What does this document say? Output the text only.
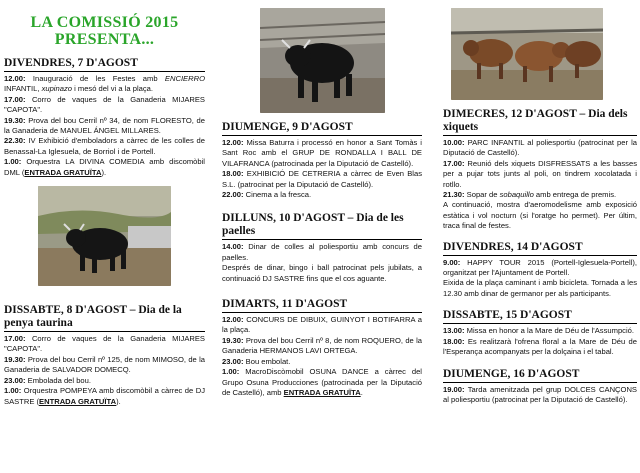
LA COMISSIÓ 2015
PRESENTA...

DIVENDRES, 7 D'AGOST

12.00: Inauguració de les Festes amb ENCIERRO INFANTIL, xupinazo i mesó del vi a la plaça.

17.00: Corro de vaques de la Ganaderia MIJARES "CAPOTA".

19.30: Prova del bou Cerril nº 34, de nom FLORESTO, de la Ganaderia de MANUEL ÁNGEL MILLARES.

22.30: IV Exhibició d'emboladors a càrrec de les colles de Benassal-La Iglesuela, de Borriol i de Portell.

1.00: Orquestra LA DIVINA COMEDIA amb discomòbil DML (ENTRADA GRATUÏTA).

DISSABTE, 8 D'AGOST – Dia de la penya taurina

17.00: Corro de vaques de la Ganaderia MIJARES "CAPOTA".

19.30: Prova del bou Cerril nº 125, de nom MIMOSO, de la Ganaderia de SALVADOR DOMECQ.

23.00: Embolada del bou.

1.00: Orquestra POMPEYA amb discomòbil a càrrec de DJ SASTRE (ENTRADA GRATUÏTA).

DIUMENGE, 9 D'AGOST

12.00: Missa Baturra i processó en honor a Sant Tomàs i Sant Roc amb el GRUP DE RONDALLA I BALL DE VILAFRANCA (patrocinada per la Diputació de Castelló).

18.00: EXHIBICIÓ DE CETRERIA a càrrec de Even Blas S.L. (patrocinat per la Diputació de Castelló).

22.00: Cinema a la fresca.

DILLUNS, 10 D'AGOST – Dia de les paelles

14.00: Dinar de colles al poliesportiu amb concurs de paelles.

Després de dinar, bingo i ball patrocinat pels jubilats, a continuació DJ SASTRE fins que el cos aguante.

DIMARTS, 11 D'AGOST

12.00: CONCURS DE DIBUIX, GUINYOT I BOTIFARRA a la plaça.

19.30: Prova del bou Cerril nº 8, de nom ROQUERO, de la Ganaderia HERMANOS LAVI ORTEGA.

23.00: Bou embolat.

1.00: MacroDiscòmobil OSUNA DANCE a càrrec del Grupo Osuna Producciones (patrocinada per la Diputació de Castelló), amb ENTRADA GRATUÏTA.

DIMECRES, 12 D'AGOST – Dia dels xiquets

10.00: PARC INFANTIL al poliesportiu (patrocinat per la Diputació de Castelló).

17.00: Reunió dels xiquets DISFRESSATS a les basses per a pujar tots junts al poli, on tindrem xocolatada i rotllo.

21.30: Sopar de sobaquillo amb entrega de premis.

A continuació, mostra d'aeromodelisme amb exposició estàtica i vol nocturn (si l'oratge ho permet). Per últim, traca final de festes.

DIVENDRES, 14 D'AGOST

9.00: HAPPY TOUR 2015 (Portell-Iglesuela-Portell), organitzat per l'Ajuntament de Portell.

Eixida de la plaça caminant i amb bicicleta. Tornada a les 12.30 amb dinar de germanor per als participants.

DISSABTE, 15 D'AGOST

13.00: Missa en honor a la Mare de Déu de l'Assumpció.

18.00: Es realitzarà l'ofrena floral a la Mare de Déu de l'Esperança acompanyats per la dolçaina i el tabal.

DIUMENGE, 16 D'AGOST

19.00: Tarda amenitzada pel grup DOLCES CANÇONS al poliesportiu (patrocinat per la Diputació de Castelló).
